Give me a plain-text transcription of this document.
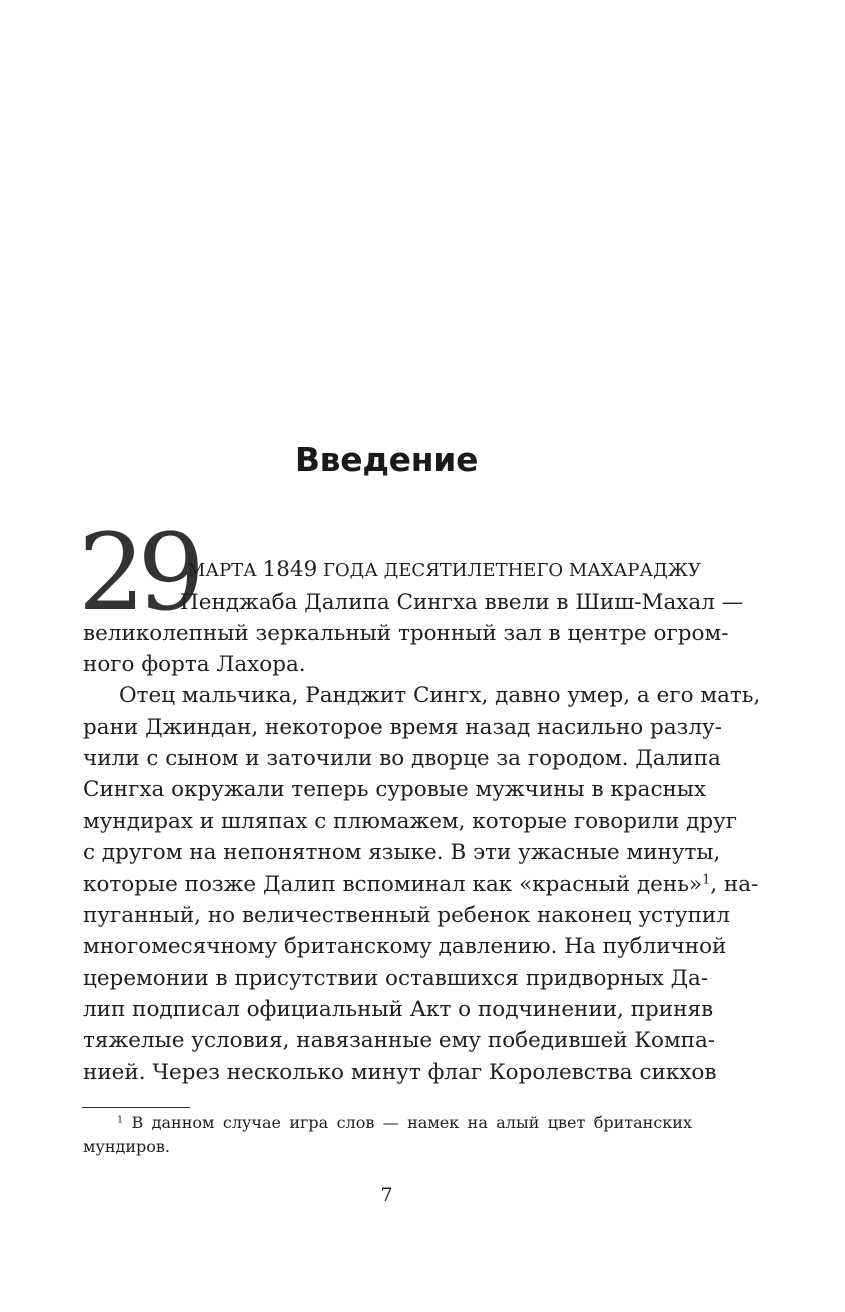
Введение
29
МАРТА 1849 ГОДА ДЕСЯТИЛЕТНЕГО МАХАРАДЖУ
Пенджаба Далипа Сингха ввели в Шиш-Махал —
великолепный зеркальный тронный зал в центре огром-
ного форта Лахора.
Отец мальчика, Ранджит Сингх, давно умер, а его мать,
рани Джиндан, некоторое время назад насильно разлу-
чили с сыном и заточили во дворце за городом. Далипа
Сингха окружали теперь суровые мужчины в красных
мундирах и шляпах с плюмажем, которые говорили друг
с другом на непонятном языке. В эти ужасные минуты,
которые позже Далип вспоминал как «красный день»$^1$, на-
пуганный, но величественный ребенок наконец уступил
многомесячному британскому давлению. На публичной
церемонии в присутствии оставшихся придворных Да-
лип подписал официальный Акт о подчинении, приняв
тяжелые условия, навязанные ему победившей Компа-
нией. Через несколько минут флаг Королевства сикхов
$^1$ В данном случае игра слов — намек на алый цвет британских
мундиров.
7
